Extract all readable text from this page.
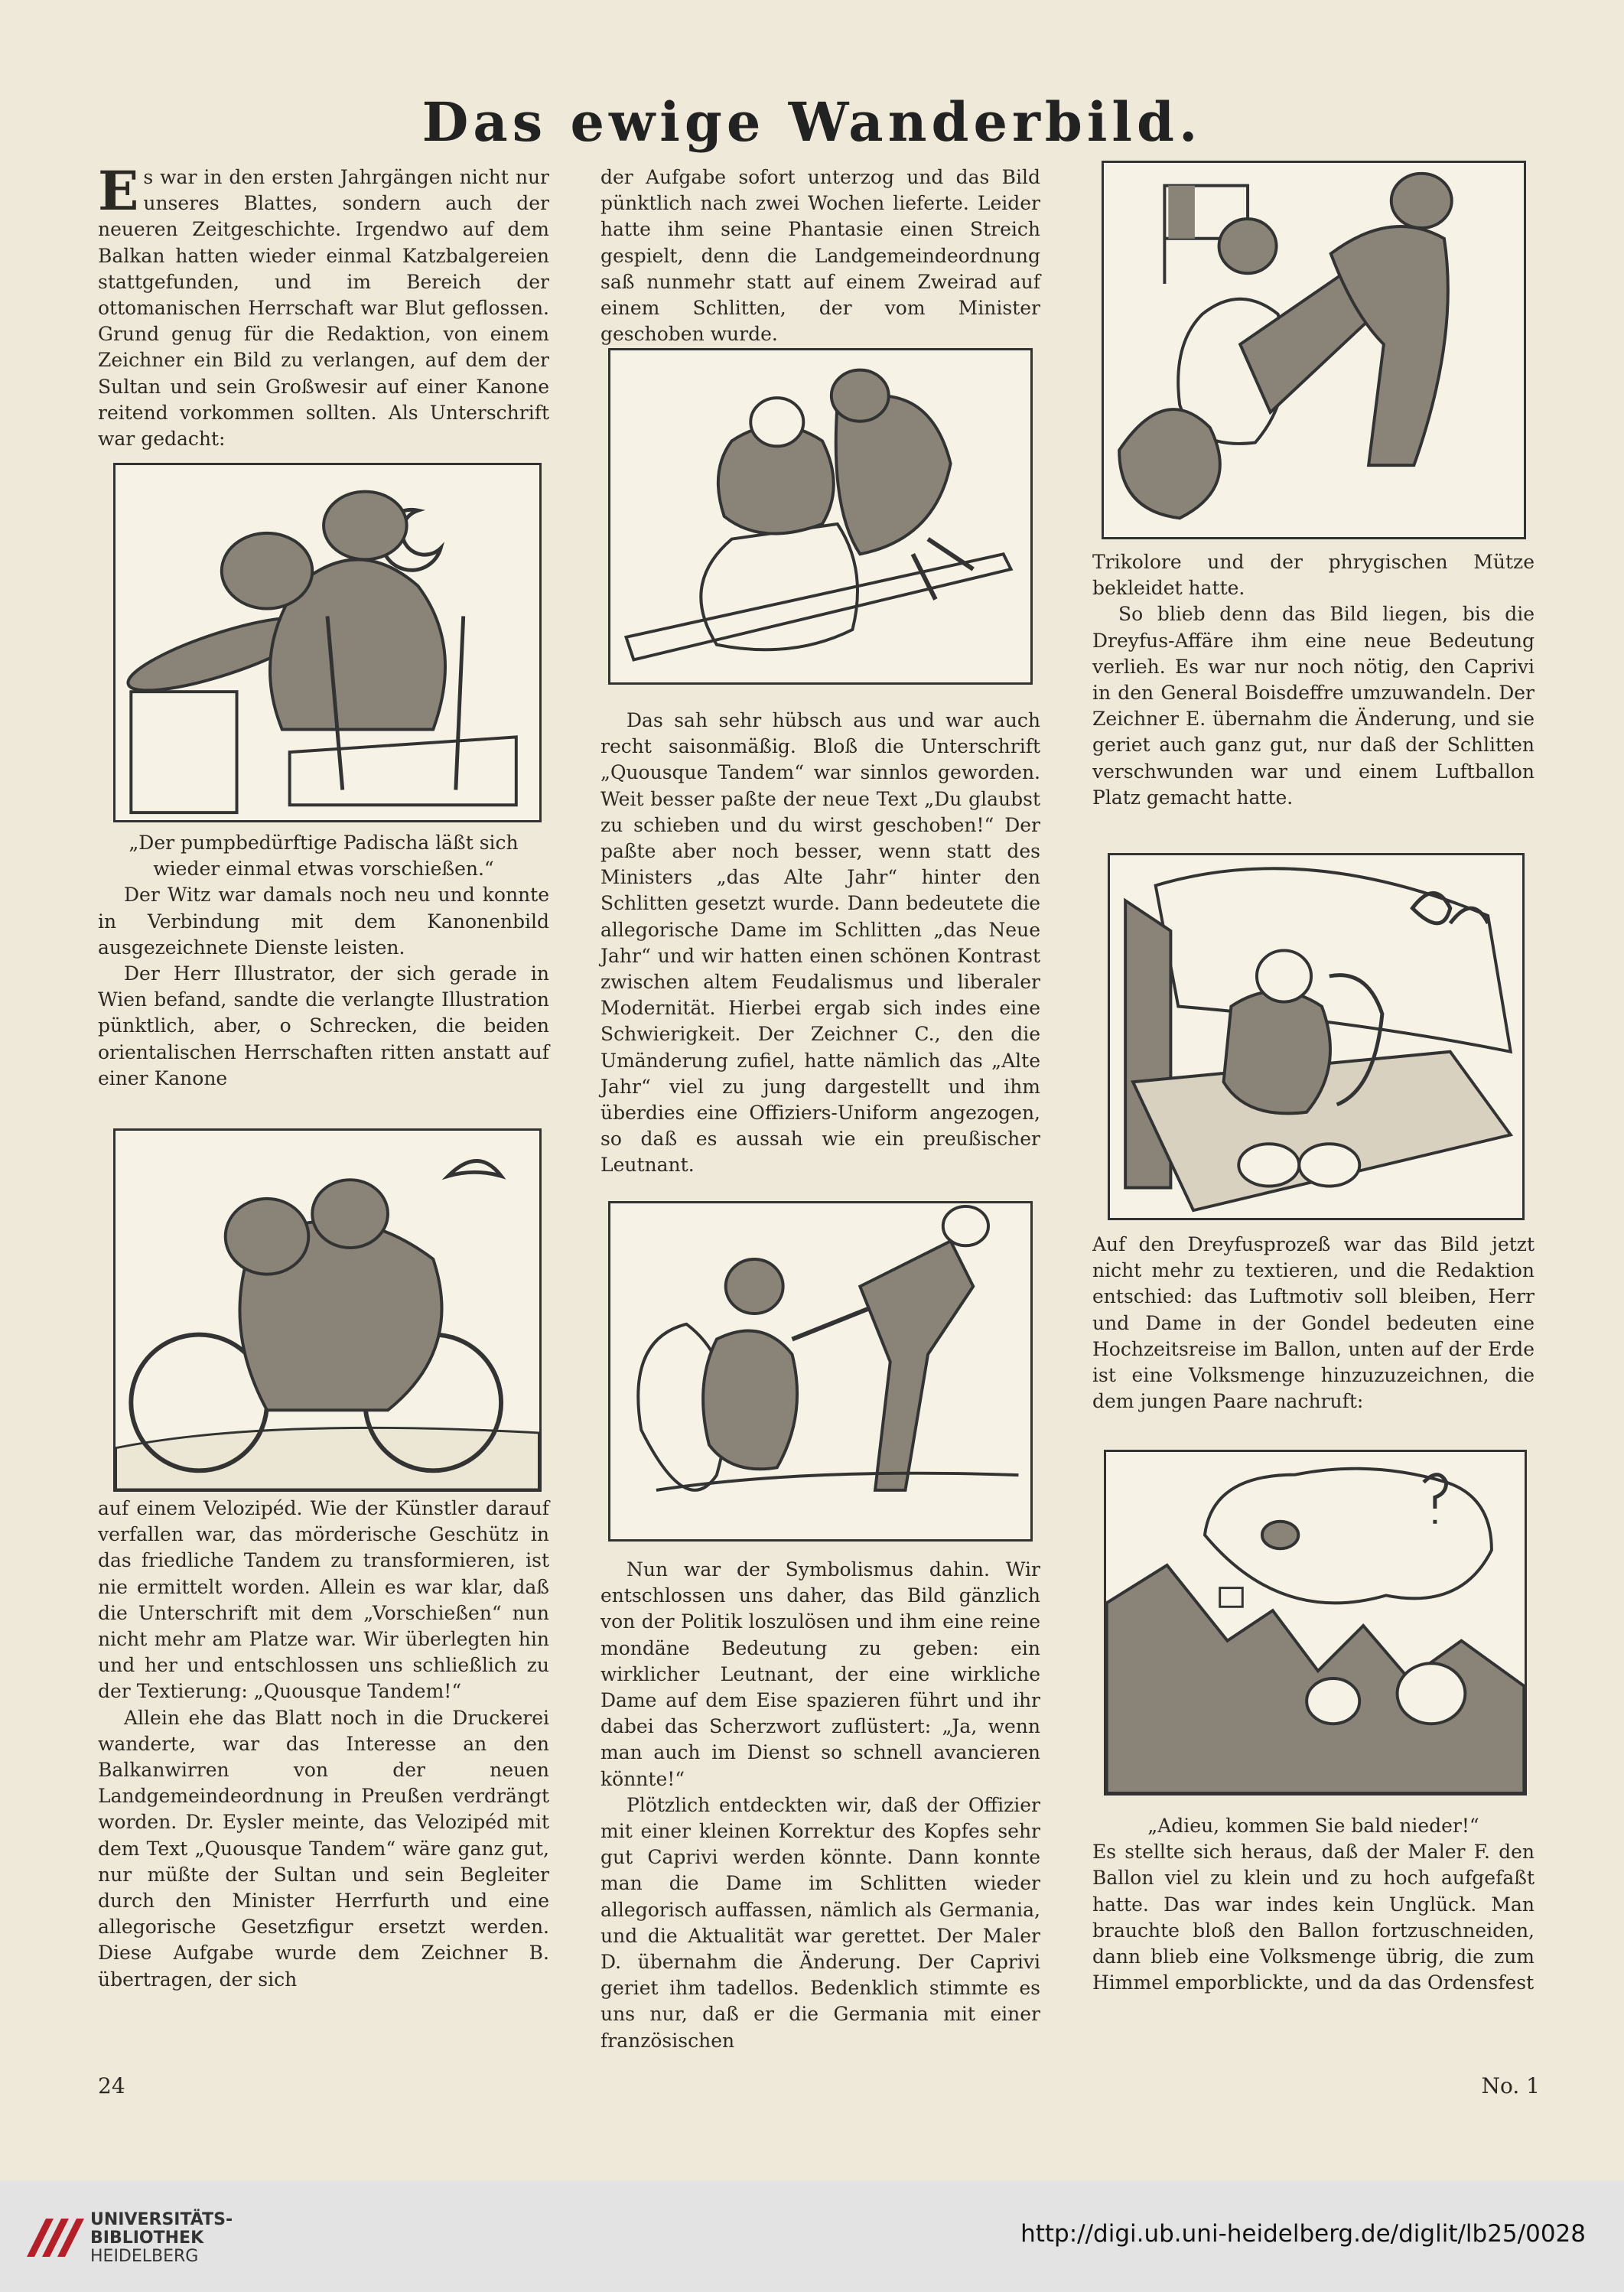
Das ewige Wanderbild.

Es war in den ersten Jahrgängen nicht nur unseres Blattes, sondern auch der neueren Zeitgeschichte. Irgendwo auf dem Balkan hatten wieder einmal Katzbalgereien stattgefunden, und im Bereich der ottomanischen Herrschaft war Blut geflossen. Grund genug für die Redaktion, von einem Zeichner ein Bild zu verlangen, auf dem der Sultan und sein Großwesir auf einer Kanone reitend vorkommen sollten. Als Unterschrift war gedacht:

„Der pumpbedürftige Padischa läßt sich wieder einmal etwas vorschießen.“

Der Witz war damals noch neu und konnte in Verbindung mit dem Kanonenbild ausgezeichnete Dienste leisten.

Der Herr Illustrator, der sich gerade in Wien befand, sandte die verlangte Illustration pünktlich, aber, o Schrecken, die beiden orientalischen Herrschaften ritten anstatt auf einer Kanone

auf einem Velozipéd. Wie der Künstler darauf verfallen war, das mörderische Geschütz in das friedliche Tandem zu transformieren, ist nie ermittelt worden. Allein es war klar, daß die Unterschrift mit dem „Vorschießen“ nun nicht mehr am Platze war. Wir überlegten hin und her und entschlossen uns schließlich zu der Textierung: „Quousque Tandem!“

Allein ehe das Blatt noch in die Druckerei wanderte, war das Interesse an den Balkanwirren von der neuen Landgemeindeordnung in Preußen verdrängt worden. Dr. Eysler meinte, das Velozipéd mit dem Text „Quousque Tandem“ wäre ganz gut, nur müßte der Sultan und sein Begleiter durch den Minister Herrfurth und eine allegorische Gesetzfigur ersetzt werden. Diese Aufgabe wurde dem Zeichner B. übertragen, der sich

der Aufgabe sofort unterzog und das Bild pünktlich nach zwei Wochen lieferte. Leider hatte ihm seine Phantasie einen Streich gespielt, denn die Landgemeindeordnung saß nunmehr statt auf einem Zweirad auf einem Schlitten, der vom Minister geschoben wurde.

Das sah sehr hübsch aus und war auch recht saisonmäßig. Bloß die Unterschrift „Quousque Tandem“ war sinnlos geworden. Weit besser paßte der neue Text „Du glaubst zu schieben und du wirst geschoben!“ Der paßte aber noch besser, wenn statt des Ministers „das Alte Jahr“ hinter den Schlitten gesetzt wurde. Dann bedeutete die allegorische Dame im Schlitten „das Neue Jahr“ und wir hatten einen schönen Kontrast zwischen altem Feudalismus und liberaler Modernität. Hierbei ergab sich indes eine Schwierigkeit. Der Zeichner C., den die Umänderung zufiel, hatte nämlich das „Alte Jahr“ viel zu jung dargestellt und ihm überdies eine Offiziers-Uniform angezogen, so daß es aussah wie ein preußischer Leutnant.

Nun war der Symbolismus dahin. Wir entschlossen uns daher, das Bild gänzlich von der Politik loszulösen und ihm eine reine mondäne Bedeutung zu geben: ein wirklicher Leutnant, der eine wirkliche Dame auf dem Eise spazieren führt und ihr dabei das Scherzwort zuflüstert: „Ja, wenn man auch im Dienst so schnell avancieren könnte!“

Plötzlich entdeckten wir, daß der Offizier mit einer kleinen Korrektur des Kopfes sehr gut Caprivi werden könnte. Dann konnte man die Dame im Schlitten wieder allegorisch auffassen, nämlich als Germania, und die Aktualität war gerettet. Der Maler D. übernahm die Änderung. Der Caprivi geriet ihm tadellos. Bedenklich stimmte es uns nur, daß er die Germania mit einer französischen

Trikolore und der phrygischen Mütze bekleidet hatte.

So blieb denn das Bild liegen, bis die Dreyfus-Affäre ihm eine neue Bedeutung verlieh. Es war nur noch nötig, den Caprivi in den General Boisdeffre umzuwandeln. Der Zeichner E. übernahm die Änderung, und sie geriet auch ganz gut, nur daß der Schlitten verschwunden war und einem Luftballon Platz gemacht hatte.

Auf den Dreyfusprozeß war das Bild jetzt nicht mehr zu textieren, und die Redaktion entschied: das Luftmotiv soll bleiben, Herr und Dame in der Gondel bedeuten eine Hochzeitsreise im Ballon, unten auf der Erde ist eine Volksmenge hinzuzuzeichnen, die dem jungen Paare nachruft:

„Adieu, kommen Sie bald nieder!“

Es stellte sich heraus, daß der Maler F. den Ballon viel zu klein und zu hoch aufgefaßt hatte. Das war indes kein Unglück. Man brauchte bloß den Ballon fortzuschneiden, dann blieb eine Volksmenge übrig, die zum Himmel emporblickte, und da das Ordensfest

24	No. 1
UNIVERSITÄTS-
BIBLIOTHEK
HEIDELBERG
http://digi.ub.uni-heidelberg.de/diglit/lb25/0028
